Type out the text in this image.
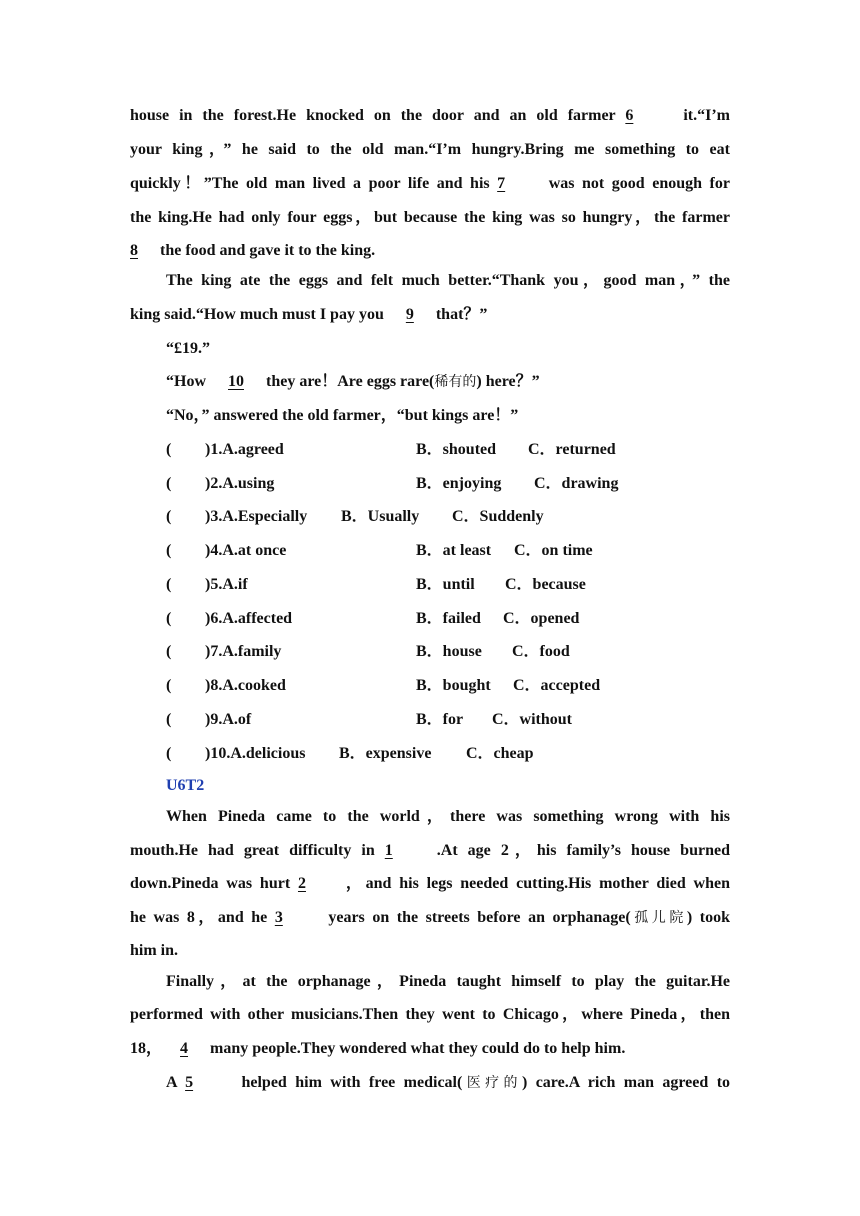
house in the forest.He knocked on the door and an old farmer 6	it.“I’m
your king，” he said to the old man.“I’m hungry.Bring me something to eat
quickly！”The old man lived a poor life and his 7 was not good enough for
the king.He had only four eggs，but because the king was so hungry，the farmer
8 the food and gave it to the king.
The king ate the eggs and felt much better.“Thank you，good man，” the
king said.“How much must I pay you 9 that？”
“£19.”
“How 10 they are！Are eggs rare(稀有的) here？”
“No，” answered the old farmer，“but kings are！”
( )1.A.agreed	B．shouted C．returned
( )2.A.using	B．enjoying C．drawing
( )3.A.Especially B．Usually C．Suddenly
( )4.A.at once	B．at least C．on time
( )5.A.if	B．until C．because
( )6.A.affected	B．failed C．opened
( )7.A.family	B．house C．food
( )8.A.cooked	B．bought C．accepted
( )9.A.of	B．for C．without
( )10.A.delicious B．expensive C．cheap
U6T2
When Pineda came to the world，there was something wrong with his
mouth.He had great difficulty in 1	.At age 2，his family’s house burned
down.Pineda was hurt 2 ，and his legs needed cutting.His mother died when
he was 8，and he 3 years on the streets before an orphanage(孤儿院) took
him in.
Finally，at the orphanage，Pineda taught himself to play the guitar.He
performed with other musicians.Then they went to Chicago，where Pineda，then
18， 4 many people.They wondered what they could do to help him.
A 5	helped him with free medical(医疗的) care.A rich man agreed to
